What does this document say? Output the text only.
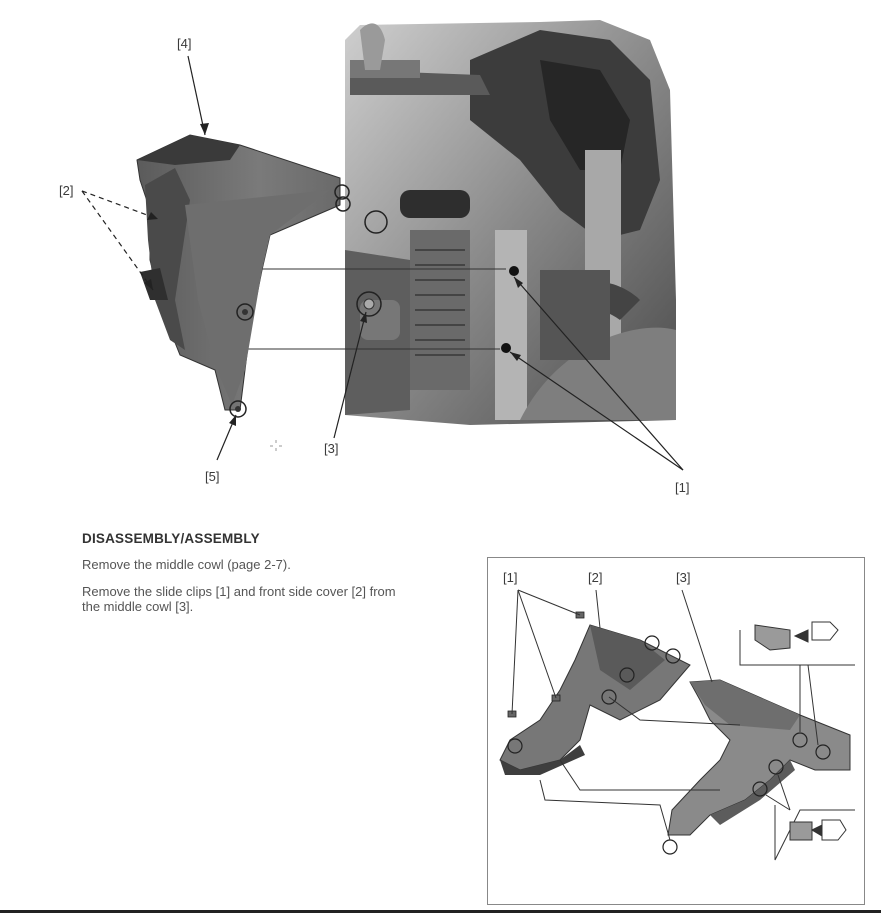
[4]
[2]
[3]
[5]
[1]
DISASSEMBLY/ASSEMBLY
Remove the middle cowl (page 2-7).
Remove the slide clips [1] and front side cover [2] from
the middle cowl [3].
[1]	[2]	[3]
